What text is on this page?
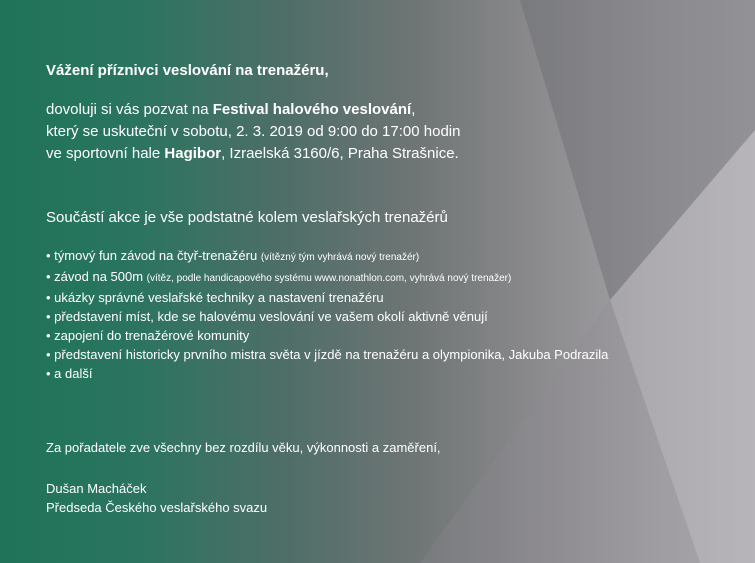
Vážení příznivci veslování na trenažéru,
dovoluji si vás pozvat na Festival halového veslování,
který se uskuteční v sobotu, 2. 3. 2019 od 9:00 do 17:00 hodin
ve sportovní hale Hagibor, Izraelská 3160/6, Praha Strašnice.
Součástí akce je vše podstatné kolem veslařských trenažérů
• týmový fun závod na čtyř-trenažéru (vítězný tým vyhrává nový trenažér)
• závod na 500m (vítěz, podle handicapového systému www.nonathlon.com, vyhrává nový trenažer)
• ukázky správné veslařské techniky a nastavení trenažéru
• představení míst, kde se halovému veslování ve vašem okolí aktivně věnují
• zapojení do trenažérové komunity
• představení historicky prvního mistra světa v jízdě na trenažéru a olympionika, Jakuba Podrazila
• a další
Za pořadatele zve všechny bez rozdílu věku, výkonnosti a zaměření,
Dušan Macháček
Předseda Českého veslařského svazu
